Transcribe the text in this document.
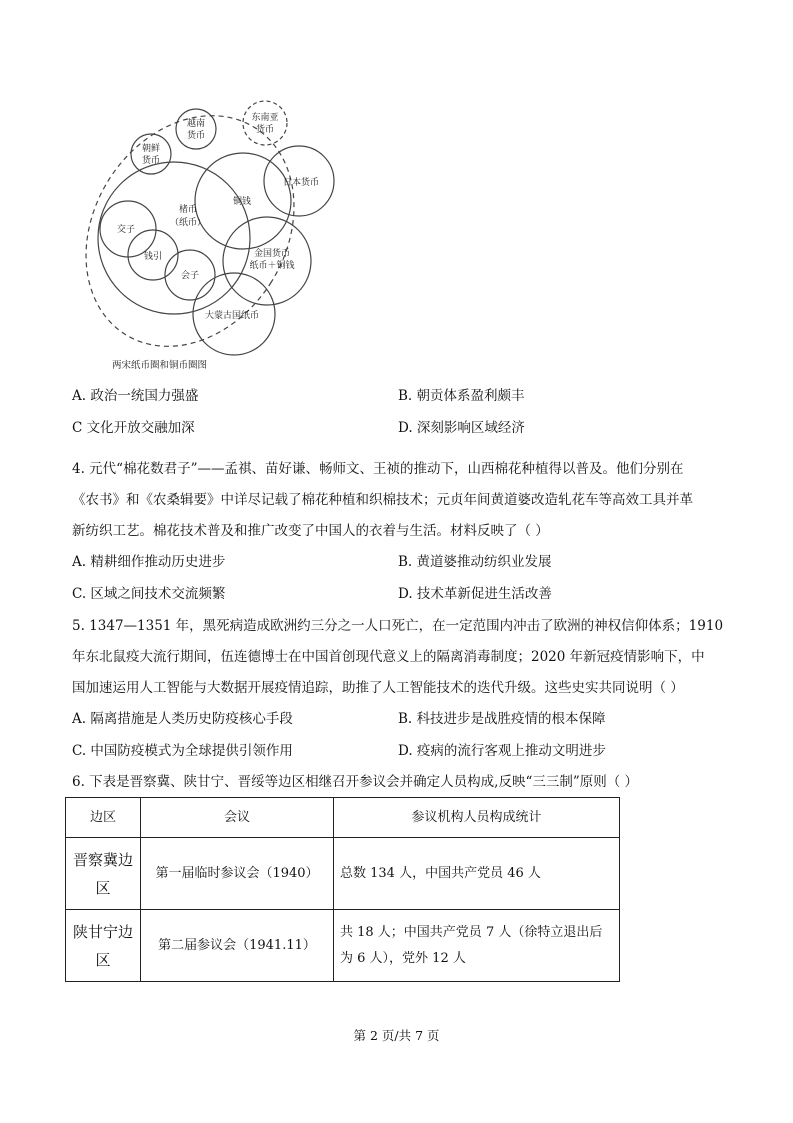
东南亚
货币
越南
货币
朝鲜
货币
日本货币
铜钱
楮币
（纸币）
交子
钱引
会子
金国货币
纸币＋铜钱
大蒙古国纸币
两宋纸币圈和铜币圈图
A. 政治一统国力强盛	B. 朝贡体系盈利颇丰
C 文化开放交融加深	D. 深刻影响区域经济
4. 元代“棉花数君子”——孟祺、苗好谦、畅师文、王祯的推动下，山西棉花种植得以普及。他们分别在
《农书》和《农桑辑要》中详尽记载了棉花种植和织棉技术；元贞年间黄道婆改造轧花车等高效工具并革
新纺织工艺。棉花技术普及和推广改变了中国人的衣着与生活。材料反映了（ ）
A. 精耕细作推动历史进步	B. 黄道婆推动纺织业发展
C. 区域之间技术交流频繁	D. 技术革新促进生活改善
5. 1347—1351 年，黑死病造成欧洲约三分之一人口死亡，在一定范围内冲击了欧洲的神权信仰体系；1910
年东北鼠疫大流行期间，伍连德博士在中国首创现代意义上的隔离消毒制度；2020 年新冠疫情影响下，中
国加速运用人工智能与大数据开展疫情追踪，助推了人工智能技术的迭代升级。这些史实共同说明（ ）
A. 隔离措施是人类历史防疫核心手段	B. 科技进步是战胜疫情的根本保障
C. 中国防疫模式为全球提供引领作用	D. 疫病的流行客观上推动文明进步
6. 下表是晋察冀、陕甘宁、晋绥等边区相继召开参议会并确定人员构成,反映“三三制”原则（ ）
边区	会议	参议机构人员构成统计
晋察冀边区	第一届临时参议会（1940）	总数 134 人，中国共产党员 46 人
陕甘宁边区	第二届参议会（1941.11）	共 18 人；中国共产党员 7 人（徐特立退出后为 6 人），党外 12 人
第 2 页/共 7 页
